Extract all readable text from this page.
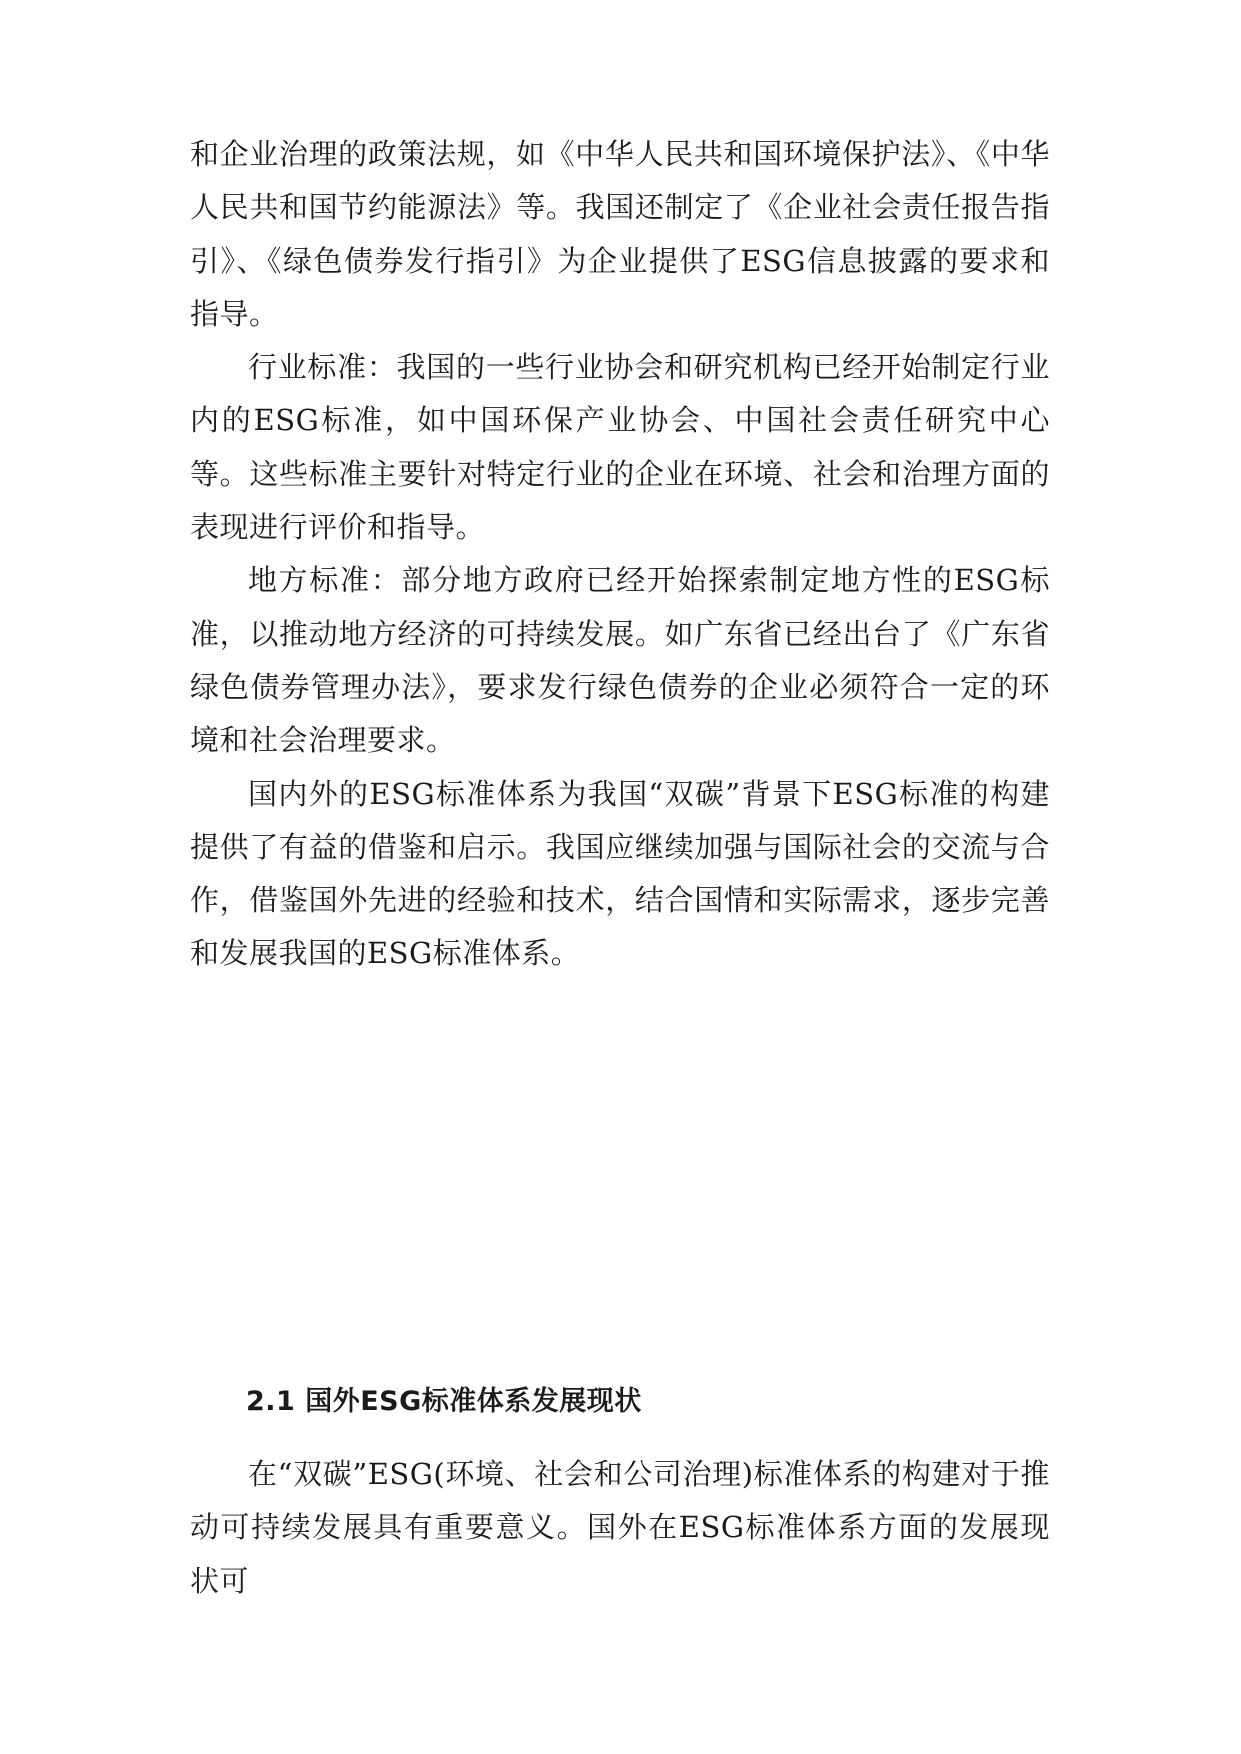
和企业治理的政策法规，如《中华人民共和国环境保护法》、《中华人民共和国节约能源法》等。我国还制定了《企业社会责任报告指引》、《绿色债券发行指引》为企业提供了ESG信息披露的要求和指导。

行业标准：我国的一些行业协会和研究机构已经开始制定行业内的ESG标准，如中国环保产业协会、中国社会责任研究中心等。这些标准主要针对特定行业的企业在环境、社会和治理方面的表现进行评价和指导。

地方标准：部分地方政府已经开始探索制定地方性的ESG标准，以推动地方经济的可持续发展。如广东省已经出台了《广东省绿色债券管理办法》，要求发行绿色债券的企业必须符合一定的环境和社会治理要求。

国内外的ESG标准体系为我国“双碳”背景下ESG标准的构建提供了有益的借鉴和启示。我国应继续加强与国际社会的交流与合作，借鉴国外先进的经验和技术，结合国情和实际需求，逐步完善和发展我国的ESG标准体系。

2.1 国外ESG标准体系发展现状

在“双碳”ESG(环境、社会和公司治理)标准体系的构建对于推动可持续发展具有重要意义。国外在ESG标准体系方面的发展现状可
